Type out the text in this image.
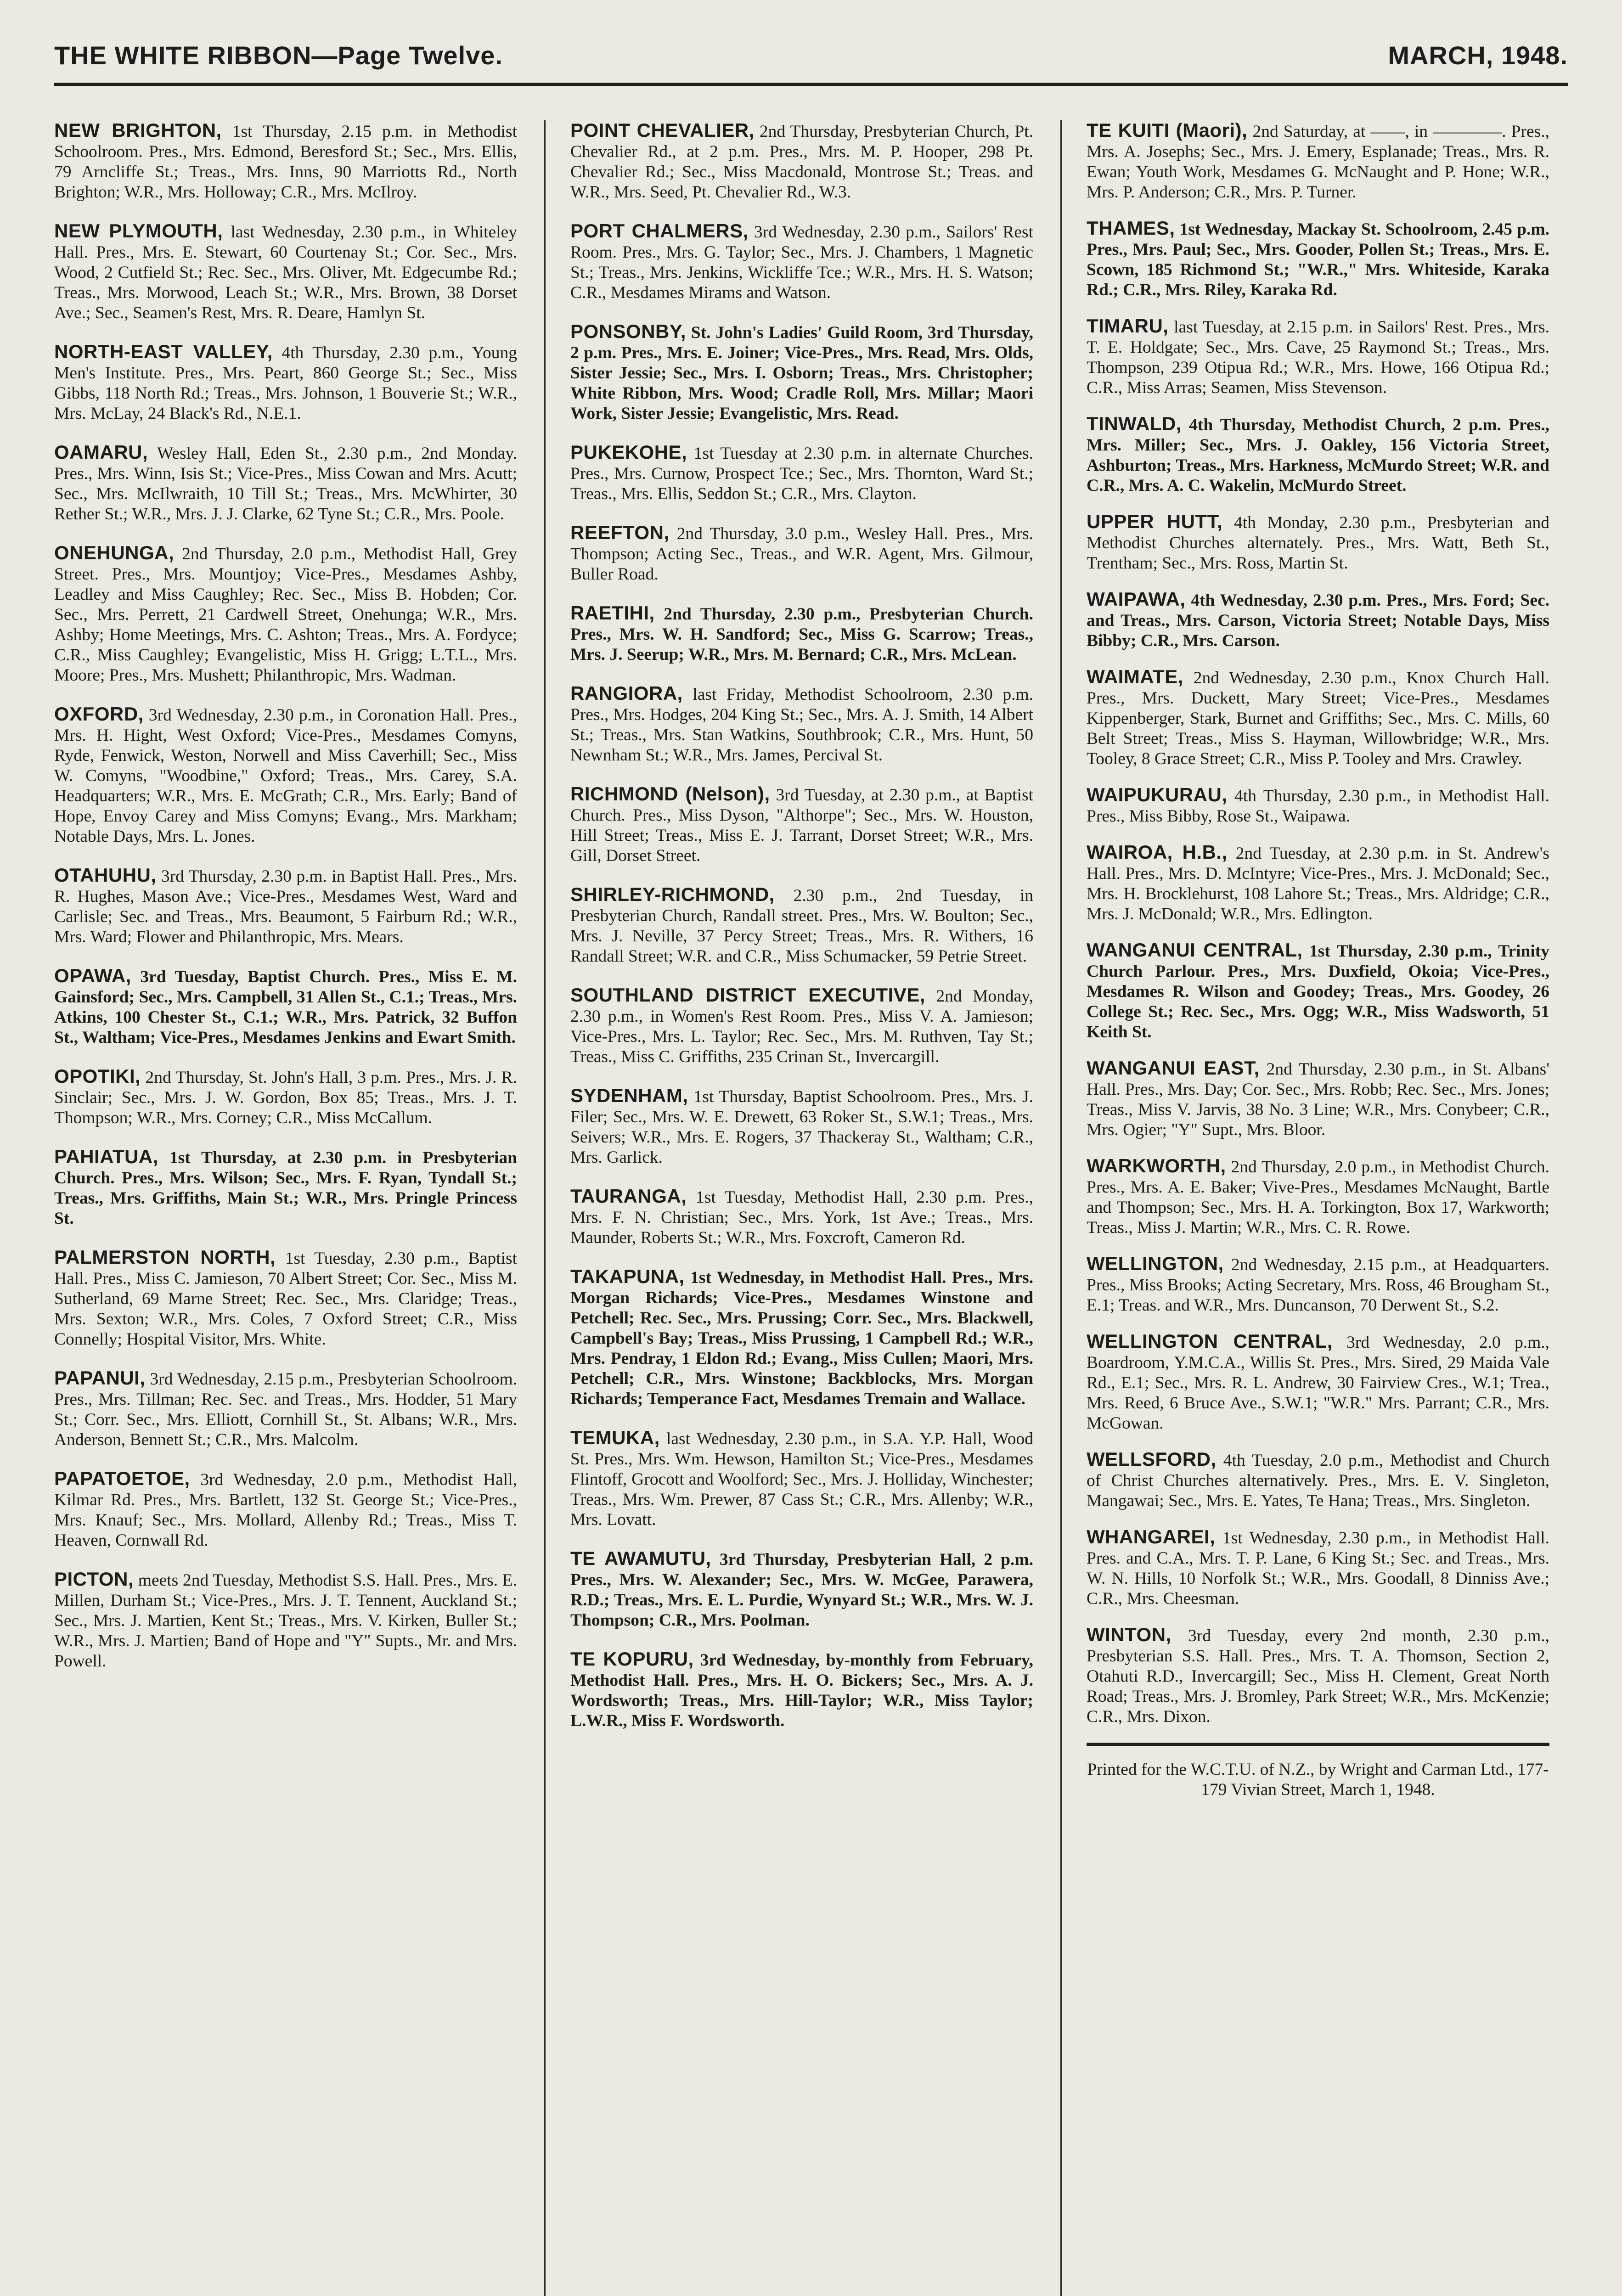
THE WHITE RIBBON—Page Twelve.	MARCH, 1948.

NEW BRIGHTON, 1st Thursday, 2.15 p.m. in Methodist Schoolroom. Pres., Mrs. Edmond, Beresford St.; Sec., Mrs. Ellis, 79 Arncliffe St.; Treas., Mrs. Inns, 90 Marriotts Rd., North Brighton; W.R., Mrs. Holloway; C.R., Mrs. McIlroy.

NEW PLYMOUTH, last Wednesday, 2.30 p.m., in Whiteley Hall. Pres., Mrs. E. Stewart, 60 Courtenay St.; Cor. Sec., Mrs. Wood, 2 Cutfield St.; Rec. Sec., Mrs. Oliver, Mt. Edgecumbe Rd.; Treas., Mrs. Morwood, Leach St.; W.R., Mrs. Brown, 38 Dorset Ave.; Sec., Seamen's Rest, Mrs. R. Deare, Hamlyn St.

NORTH-EAST VALLEY, 4th Thursday, 2.30 p.m., Young Men's Institute. Pres., Mrs. Peart, 860 George St.; Sec., Miss Gibbs, 118 North Rd.; Treas., Mrs. Johnson, 1 Bouverie St.; W.R., Mrs. McLay, 24 Black's Rd., N.E.1.

OAMARU, Wesley Hall, Eden St., 2.30 p.m., 2nd Monday. Pres., Mrs. Winn, Isis St.; Vice-Pres., Miss Cowan and Mrs. Acutt; Sec., Mrs. McIlwraith, 10 Till St.; Treas., Mrs. McWhirter, 30 Rether St.; W.R., Mrs. J. J. Clarke, 62 Tyne St.; C.R., Mrs. Poole.

ONEHUNGA, 2nd Thursday, 2.0 p.m., Methodist Hall, Grey Street. Pres., Mrs. Mountjoy; Vice-Pres., Mesdames Ashby, Leadley and Miss Caughley; Rec. Sec., Miss B. Hobden; Cor. Sec., Mrs. Perrett, 21 Cardwell Street, Onehunga; W.R., Mrs. Ashby; Home Meetings, Mrs. C. Ashton; Treas., Mrs. A. Fordyce; C.R., Miss Caughley; Evangelistic, Miss H. Grigg; L.T.L., Mrs. Moore; Pres., Mrs. Mushett; Philanthropic, Mrs. Wadman.

OXFORD, 3rd Wednesday, 2.30 p.m., in Coronation Hall. Pres., Mrs. H. Hight, West Oxford; Vice-Pres., Mesdames Comyns, Ryde, Fenwick, Weston, Norwell and Miss Caverhill; Sec., Miss W. Comyns, "Woodbine," Oxford; Treas., Mrs. Carey, S.A. Headquarters; W.R., Mrs. E. McGrath; C.R., Mrs. Early; Band of Hope, Envoy Carey and Miss Comyns; Evang., Mrs. Markham; Notable Days, Mrs. L. Jones.

OTAHUHU, 3rd Thursday, 2.30 p.m. in Baptist Hall. Pres., Mrs. R. Hughes, Mason Ave.; Vice-Pres., Mesdames West, Ward and Carlisle; Sec. and Treas., Mrs. Beaumont, 5 Fairburn Rd.; W.R., Mrs. Ward; Flower and Philanthropic, Mrs. Mears.

OPAWA, 3rd Tuesday, Baptist Church. Pres., Miss E. M. Gainsford; Sec., Mrs. Campbell, 31 Allen St., C.1.; Treas., Mrs. Atkins, 100 Chester St., C.1.; W.R., Mrs. Patrick, 32 Buffon St., Waltham; Vice-Pres., Mesdames Jenkins and Ewart Smith.

OPOTIKI, 2nd Thursday, St. John's Hall, 3 p.m. Pres., Mrs. J. R. Sinclair; Sec., Mrs. J. W. Gordon, Box 85; Treas., Mrs. J. T. Thompson; W.R., Mrs. Corney; C.R., Miss McCallum.

PAHIATUA, 1st Thursday, at 2.30 p.m. in Presbyterian Church. Pres., Mrs. Wilson; Sec., Mrs. F. Ryan, Tyndall St.; Treas., Mrs. Griffiths, Main St.; W.R., Mrs. Pringle Princess St.

PALMERSTON NORTH, 1st Tuesday, 2.30 p.m., Baptist Hall. Pres., Miss C. Jamieson, 70 Albert Street; Cor. Sec., Miss M. Sutherland, 69 Marne Street; Rec. Sec., Mrs. Claridge; Treas., Mrs. Sexton; W.R., Mrs. Coles, 7 Oxford Street; C.R., Miss Connelly; Hospital Visitor, Mrs. White.

PAPANUI, 3rd Wednesday, 2.15 p.m., Presbyterian Schoolroom. Pres., Mrs. Tillman; Rec. Sec. and Treas., Mrs. Hodder, 51 Mary St.; Corr. Sec., Mrs. Elliott, Cornhill St., St. Albans; W.R., Mrs. Anderson, Bennett St.; C.R., Mrs. Malcolm.

PAPATOETOE, 3rd Wednesday, 2.0 p.m., Methodist Hall, Kilmar Rd. Pres., Mrs. Bartlett, 132 St. George St.; Vice-Pres., Mrs. Knauf; Sec., Mrs. Mollard, Allenby Rd.; Treas., Miss T. Heaven, Cornwall Rd.

PICTON, meets 2nd Tuesday, Methodist S.S. Hall. Pres., Mrs. E. Millen, Durham St.; Vice-Pres., Mrs. J. T. Tennent, Auckland St.; Sec., Mrs. J. Martien, Kent St.; Treas., Mrs. V. Kirken, Buller St.; W.R., Mrs. J. Martien; Band of Hope and "Y" Supts., Mr. and Mrs. Powell.

POINT CHEVALIER, 2nd Thursday, Presbyterian Church, Pt. Chevalier Rd., at 2 p.m. Pres., Mrs. M. P. Hooper, 298 Pt. Chevalier Rd.; Sec., Miss Macdonald, Montrose St.; Treas. and W.R., Mrs. Seed, Pt. Chevalier Rd., W.3.

PORT CHALMERS, 3rd Wednesday, 2.30 p.m., Sailors' Rest Room. Pres., Mrs. G. Taylor; Sec., Mrs. J. Chambers, 1 Magnetic St.; Treas., Mrs. Jenkins, Wickliffe Tce.; W.R., Mrs. H. S. Watson; C.R., Mesdames Mirams and Watson.

PONSONBY, St. John's Ladies' Guild Room, 3rd Thursday, 2 p.m. Pres., Mrs. E. Joiner; Vice-Pres., Mrs. Read, Mrs. Olds, Sister Jessie; Sec., Mrs. I. Osborn; Treas., Mrs. Christopher; White Ribbon, Mrs. Wood; Cradle Roll, Mrs. Millar; Maori Work, Sister Jessie; Evangelistic, Mrs. Read.

PUKEKOHE, 1st Tuesday at 2.30 p.m. in alternate Churches. Pres., Mrs. Curnow, Prospect Tce.; Sec., Mrs. Thornton, Ward St.; Treas., Mrs. Ellis, Seddon St.; C.R., Mrs. Clayton.

REEFTON, 2nd Thursday, 3.0 p.m., Wesley Hall. Pres., Mrs. Thompson; Acting Sec., Treas., and W.R. Agent, Mrs. Gilmour, Buller Road.

RAETIHI, 2nd Thursday, 2.30 p.m., Presbyterian Church. Pres., Mrs. W. H. Sandford; Sec., Miss G. Scarrow; Treas., Mrs. J. Seerup; W.R., Mrs. M. Bernard; C.R., Mrs. McLean.

RANGIORA, last Friday, Methodist Schoolroom, 2.30 p.m. Pres., Mrs. Hodges, 204 King St.; Sec., Mrs. A. J. Smith, 14 Albert St.; Treas., Mrs. Stan Watkins, Southbrook; C.R., Mrs. Hunt, 50 Newnham St.; W.R., Mrs. James, Percival St.

RICHMOND (Nelson), 3rd Tuesday, at 2.30 p.m., at Baptist Church. Pres., Miss Dyson, "Althorpe"; Sec., Mrs. W. Houston, Hill Street; Treas., Miss E. J. Tarrant, Dorset Street; W.R., Mrs. Gill, Dorset Street.

SHIRLEY-RICHMOND, 2.30 p.m., 2nd Tuesday, in Presbyterian Church, Randall street. Pres., Mrs. W. Boulton; Sec., Mrs. J. Neville, 37 Percy Street; Treas., Mrs. R. Withers, 16 Randall Street; W.R. and C.R., Miss Schumacker, 59 Petrie Street.

SOUTHLAND DISTRICT EXECUTIVE, 2nd Monday, 2.30 p.m., in Women's Rest Room. Pres., Miss V. A. Jamieson; Vice-Pres., Mrs. L. Taylor; Rec. Sec., Mrs. M. Ruthven, Tay St.; Treas., Miss C. Griffiths, 235 Crinan St., Invercargill.

SYDENHAM, 1st Thursday, Baptist Schoolroom. Pres., Mrs. J. Filer; Sec., Mrs. W. E. Drewett, 63 Roker St., S.W.1; Treas., Mrs. Seivers; W.R., Mrs. E. Rogers, 37 Thackeray St., Waltham; C.R., Mrs. Garlick.

TAURANGA, 1st Tuesday, Methodist Hall, 2.30 p.m. Pres., Mrs. F. N. Christian; Sec., Mrs. York, 1st Ave.; Treas., Mrs. Maunder, Roberts St.; W.R., Mrs. Foxcroft, Cameron Rd.

TAKAPUNA, 1st Wednesday, in Methodist Hall. Pres., Mrs. Morgan Richards; Vice-Pres., Mesdames Winstone and Petchell; Rec. Sec., Mrs. Prussing; Corr. Sec., Mrs. Blackwell, Campbell's Bay; Treas., Miss Prussing, 1 Campbell Rd.; W.R., Mrs. Pendray, 1 Eldon Rd.; Evang., Miss Cullen; Maori, Mrs. Petchell; C.R., Mrs. Winstone; Backblocks, Mrs. Morgan Richards; Temperance Fact, Mesdames Tremain and Wallace.

TEMUKA, last Wednesday, 2.30 p.m., in S.A. Y.P. Hall, Wood St. Pres., Mrs. Wm. Hewson, Hamilton St.; Vice-Pres., Mesdames Flintoff, Grocott and Woolford; Sec., Mrs. J. Holliday, Winchester; Treas., Mrs. Wm. Prewer, 87 Cass St.; C.R., Mrs. Allenby; W.R., Mrs. Lovatt.

TE AWAMUTU, 3rd Thursday, Presbyterian Hall, 2 p.m. Pres., Mrs. W. Alexander; Sec., Mrs. W. McGee, Parawera, R.D.; Treas., Mrs. E. L. Purdie, Wynyard St.; W.R., Mrs. W. J. Thompson; C.R., Mrs. Poolman.

TE KOPURU, 3rd Wednesday, by-monthly from February, Methodist Hall. Pres., Mrs. H. O. Bickers; Sec., Mrs. A. J. Wordsworth; Treas., Mrs. Hill-Taylor; W.R., Miss Taylor; L.W.R., Miss F. Wordsworth.

TE KUITI (Maori), 2nd Saturday, at ——, in ————. Pres., Mrs. A. Josephs; Sec., Mrs. J. Emery, Esplanade; Treas., Mrs. R. Ewan; Youth Work, Mesdames G. McNaught and P. Hone; W.R., Mrs. P. Anderson; C.R., Mrs. P. Turner.

THAMES, 1st Wednesday, Mackay St. Schoolroom, 2.45 p.m. Pres., Mrs. Paul; Sec., Mrs. Gooder, Pollen St.; Treas., Mrs. E. Scown, 185 Richmond St.; "W.R.," Mrs. Whiteside, Karaka Rd.; C.R., Mrs. Riley, Karaka Rd.

TIMARU, last Tuesday, at 2.15 p.m. in Sailors' Rest. Pres., Mrs. T. E. Holdgate; Sec., Mrs. Cave, 25 Raymond St.; Treas., Mrs. Thompson, 239 Otipua Rd.; W.R., Mrs. Howe, 166 Otipua Rd.; C.R., Miss Arras; Seamen, Miss Stevenson.

TINWALD, 4th Thursday, Methodist Church, 2 p.m. Pres., Mrs. Miller; Sec., Mrs. J. Oakley, 156 Victoria Street, Ashburton; Treas., Mrs. Harkness, McMurdo Street; W.R. and C.R., Mrs. A. C. Wakelin, McMurdo Street.

UPPER HUTT, 4th Monday, 2.30 p.m., Presbyterian and Methodist Churches alternately. Pres., Mrs. Watt, Beth St., Trentham; Sec., Mrs. Ross, Martin St.

WAIPAWA, 4th Wednesday, 2.30 p.m. Pres., Mrs. Ford; Sec. and Treas., Mrs. Carson, Victoria Street; Notable Days, Miss Bibby; C.R., Mrs. Carson.

WAIMATE, 2nd Wednesday, 2.30 p.m., Knox Church Hall. Pres., Mrs. Duckett, Mary Street; Vice-Pres., Mesdames Kippenberger, Stark, Burnet and Griffiths; Sec., Mrs. C. Mills, 60 Belt Street; Treas., Miss S. Hayman, Willowbridge; W.R., Mrs. Tooley, 8 Grace Street; C.R., Miss P. Tooley and Mrs. Crawley.

WAIPUKURAU, 4th Thursday, 2.30 p.m., in Methodist Hall. Pres., Miss Bibby, Rose St., Waipawa.

WAIROA, H.B., 2nd Tuesday, at 2.30 p.m. in St. Andrew's Hall. Pres., Mrs. D. McIntyre; Vice-Pres., Mrs. J. McDonald; Sec., Mrs. H. Brocklehurst, 108 Lahore St.; Treas., Mrs. Aldridge; C.R., Mrs. J. McDonald; W.R., Mrs. Edlington.

WANGANUI CENTRAL, 1st Thursday, 2.30 p.m., Trinity Church Parlour. Pres., Mrs. Duxfield, Okoia; Vice-Pres., Mesdames R. Wilson and Goodey; Treas., Mrs. Goodey, 26 College St.; Rec. Sec., Mrs. Ogg; W.R., Miss Wadsworth, 51 Keith St.

WANGANUI EAST, 2nd Thursday, 2.30 p.m., in St. Albans' Hall. Pres., Mrs. Day; Cor. Sec., Mrs. Robb; Rec. Sec., Mrs. Jones; Treas., Miss V. Jarvis, 38 No. 3 Line; W.R., Mrs. Conybeer; C.R., Mrs. Ogier; "Y" Supt., Mrs. Bloor.

WARKWORTH, 2nd Thursday, 2.0 p.m., in Methodist Church. Pres., Mrs. A. E. Baker; Vive-Pres., Mesdames McNaught, Bartle and Thompson; Sec., Mrs. H. A. Torkington, Box 17, Warkworth; Treas., Miss J. Martin; W.R., Mrs. C. R. Rowe.

WELLINGTON, 2nd Wednesday, 2.15 p.m., at Headquarters. Pres., Miss Brooks; Acting Secretary, Mrs. Ross, 46 Brougham St., E.1; Treas. and W.R., Mrs. Duncanson, 70 Derwent St., S.2.

WELLINGTON CENTRAL, 3rd Wednesday, 2.0 p.m., Boardroom, Y.M.C.A., Willis St. Pres., Mrs. Sired, 29 Maida Vale Rd., E.1; Sec., Mrs. R. L. Andrew, 30 Fairview Cres., W.1; Trea., Mrs. Reed, 6 Bruce Ave., S.W.1; "W.R." Mrs. Parrant; C.R., Mrs. McGowan.

WELLSFORD, 4th Tuesday, 2.0 p.m., Methodist and Church of Christ Churches alternatively. Pres., Mrs. E. V. Singleton, Mangawai; Sec., Mrs. E. Yates, Te Hana; Treas., Mrs. Singleton.

WHANGAREI, 1st Wednesday, 2.30 p.m., in Methodist Hall. Pres. and C.A., Mrs. T. P. Lane, 6 King St.; Sec. and Treas., Mrs. W. N. Hills, 10 Norfolk St.; W.R., Mrs. Goodall, 8 Dinniss Ave.; C.R., Mrs. Cheesman.

WINTON, 3rd Tuesday, every 2nd month, 2.30 p.m., Presbyterian S.S. Hall. Pres., Mrs. T. A. Thomson, Section 2, Otahuti R.D., Invercargill; Sec., Miss H. Clement, Great North Road; Treas., Mrs. J. Bromley, Park Street; W.R., Mrs. McKenzie; C.R., Mrs. Dixon.

Printed for the W.C.T.U. of N.Z., by Wright and Carman Ltd., 177-179 Vivian Street, March 1, 1948.
